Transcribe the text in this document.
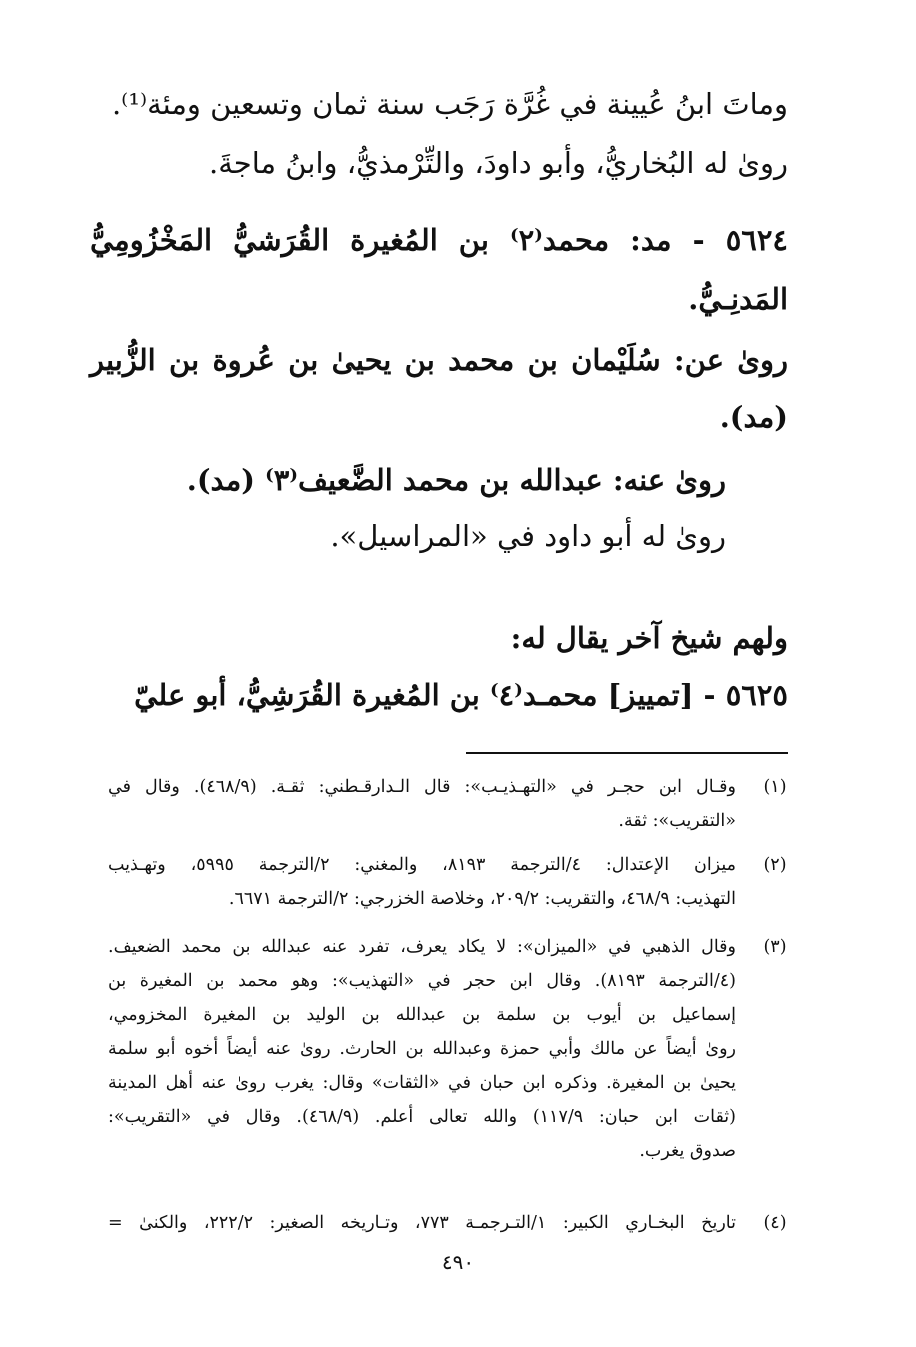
وماتَ ابنُ عُيينة في غُرَّة رَجَب سنة ثمان وتسعين ومئة⁽¹⁾.
روىٰ له البُخاريُّ، وأبو داودَ، والتِّرْمذيُّ، وابنُ ماجةَ.
٥٦٢٤ - مد: محمد⁽٢⁾ بن المُغيرة القُرَشيُّ المَخْزُومِيُّ
المَدنِـيُّ.
روىٰ عن: سُلَيْمان بن محمد بن يحيىٰ بن عُروة بن الزُّبير
(مد).
روىٰ عنه: عبدالله بن محمد الضَّعيف⁽٣⁾ (مد).
روىٰ له أبو داود في «المراسيل».
ولهم شيخ آخر يقال له:
٥٦٢٥ - [تمييز] محمـد⁽٤⁾ بن المُغيرة القُرَشِيُّ، أبو عليّ
(١)
وقـال ابن حجـر في «التهـذيـب»: قال الـدارقـطني: ثقـة. (٤٦٨/٩). وقال في
«التقريب»: ثقة.
(٢)
ميزان الإعتدال: ٤/الترجمة ٨١٩٣، والمغني: ٢/الترجمة ٥٩٩٥، وتهـذيب
التهذيب: ٤٦٨/٩، والتقريب: ٢٠٩/٢، وخلاصة الخزرجي: ٢/الترجمة ٦٦٧١.
(٣)
وقال الذهبي في «الميزان»: لا يكاد يعرف، تفرد عنه عبدالله بن محمد الضعيف.
(٤/الترجمة ٨١٩٣). وقال ابن حجر في «التهذيب»: وهو محمد بن المغيرة بن
إسماعيل بن أيوب بن سلمة بن عبدالله بن الوليد بن المغيرة المخزومي،
روىٰ أيضاً عن مالك وأبي حمزة وعبدالله بن الحارث. روىٰ عنه أيضاً أخوه أبو سلمة
يحيىٰ بن المغيرة. وذكره ابن حبان في «الثقات» وقال: يغرب روىٰ عنه أهل المدينة
(ثقات ابن حبان: ١١٧/٩) والله تعالى أعلم. (٤٦٨/٩). وقال في «التقريب»:
صدوق يغرب.
(٤)
تاريخ البخـاري الكبير: ١/التـرجمـة ٧٧٣، وتـاريخه الصغير: ٢٢٢/٢، والكنىٰ =
٤٩٠
